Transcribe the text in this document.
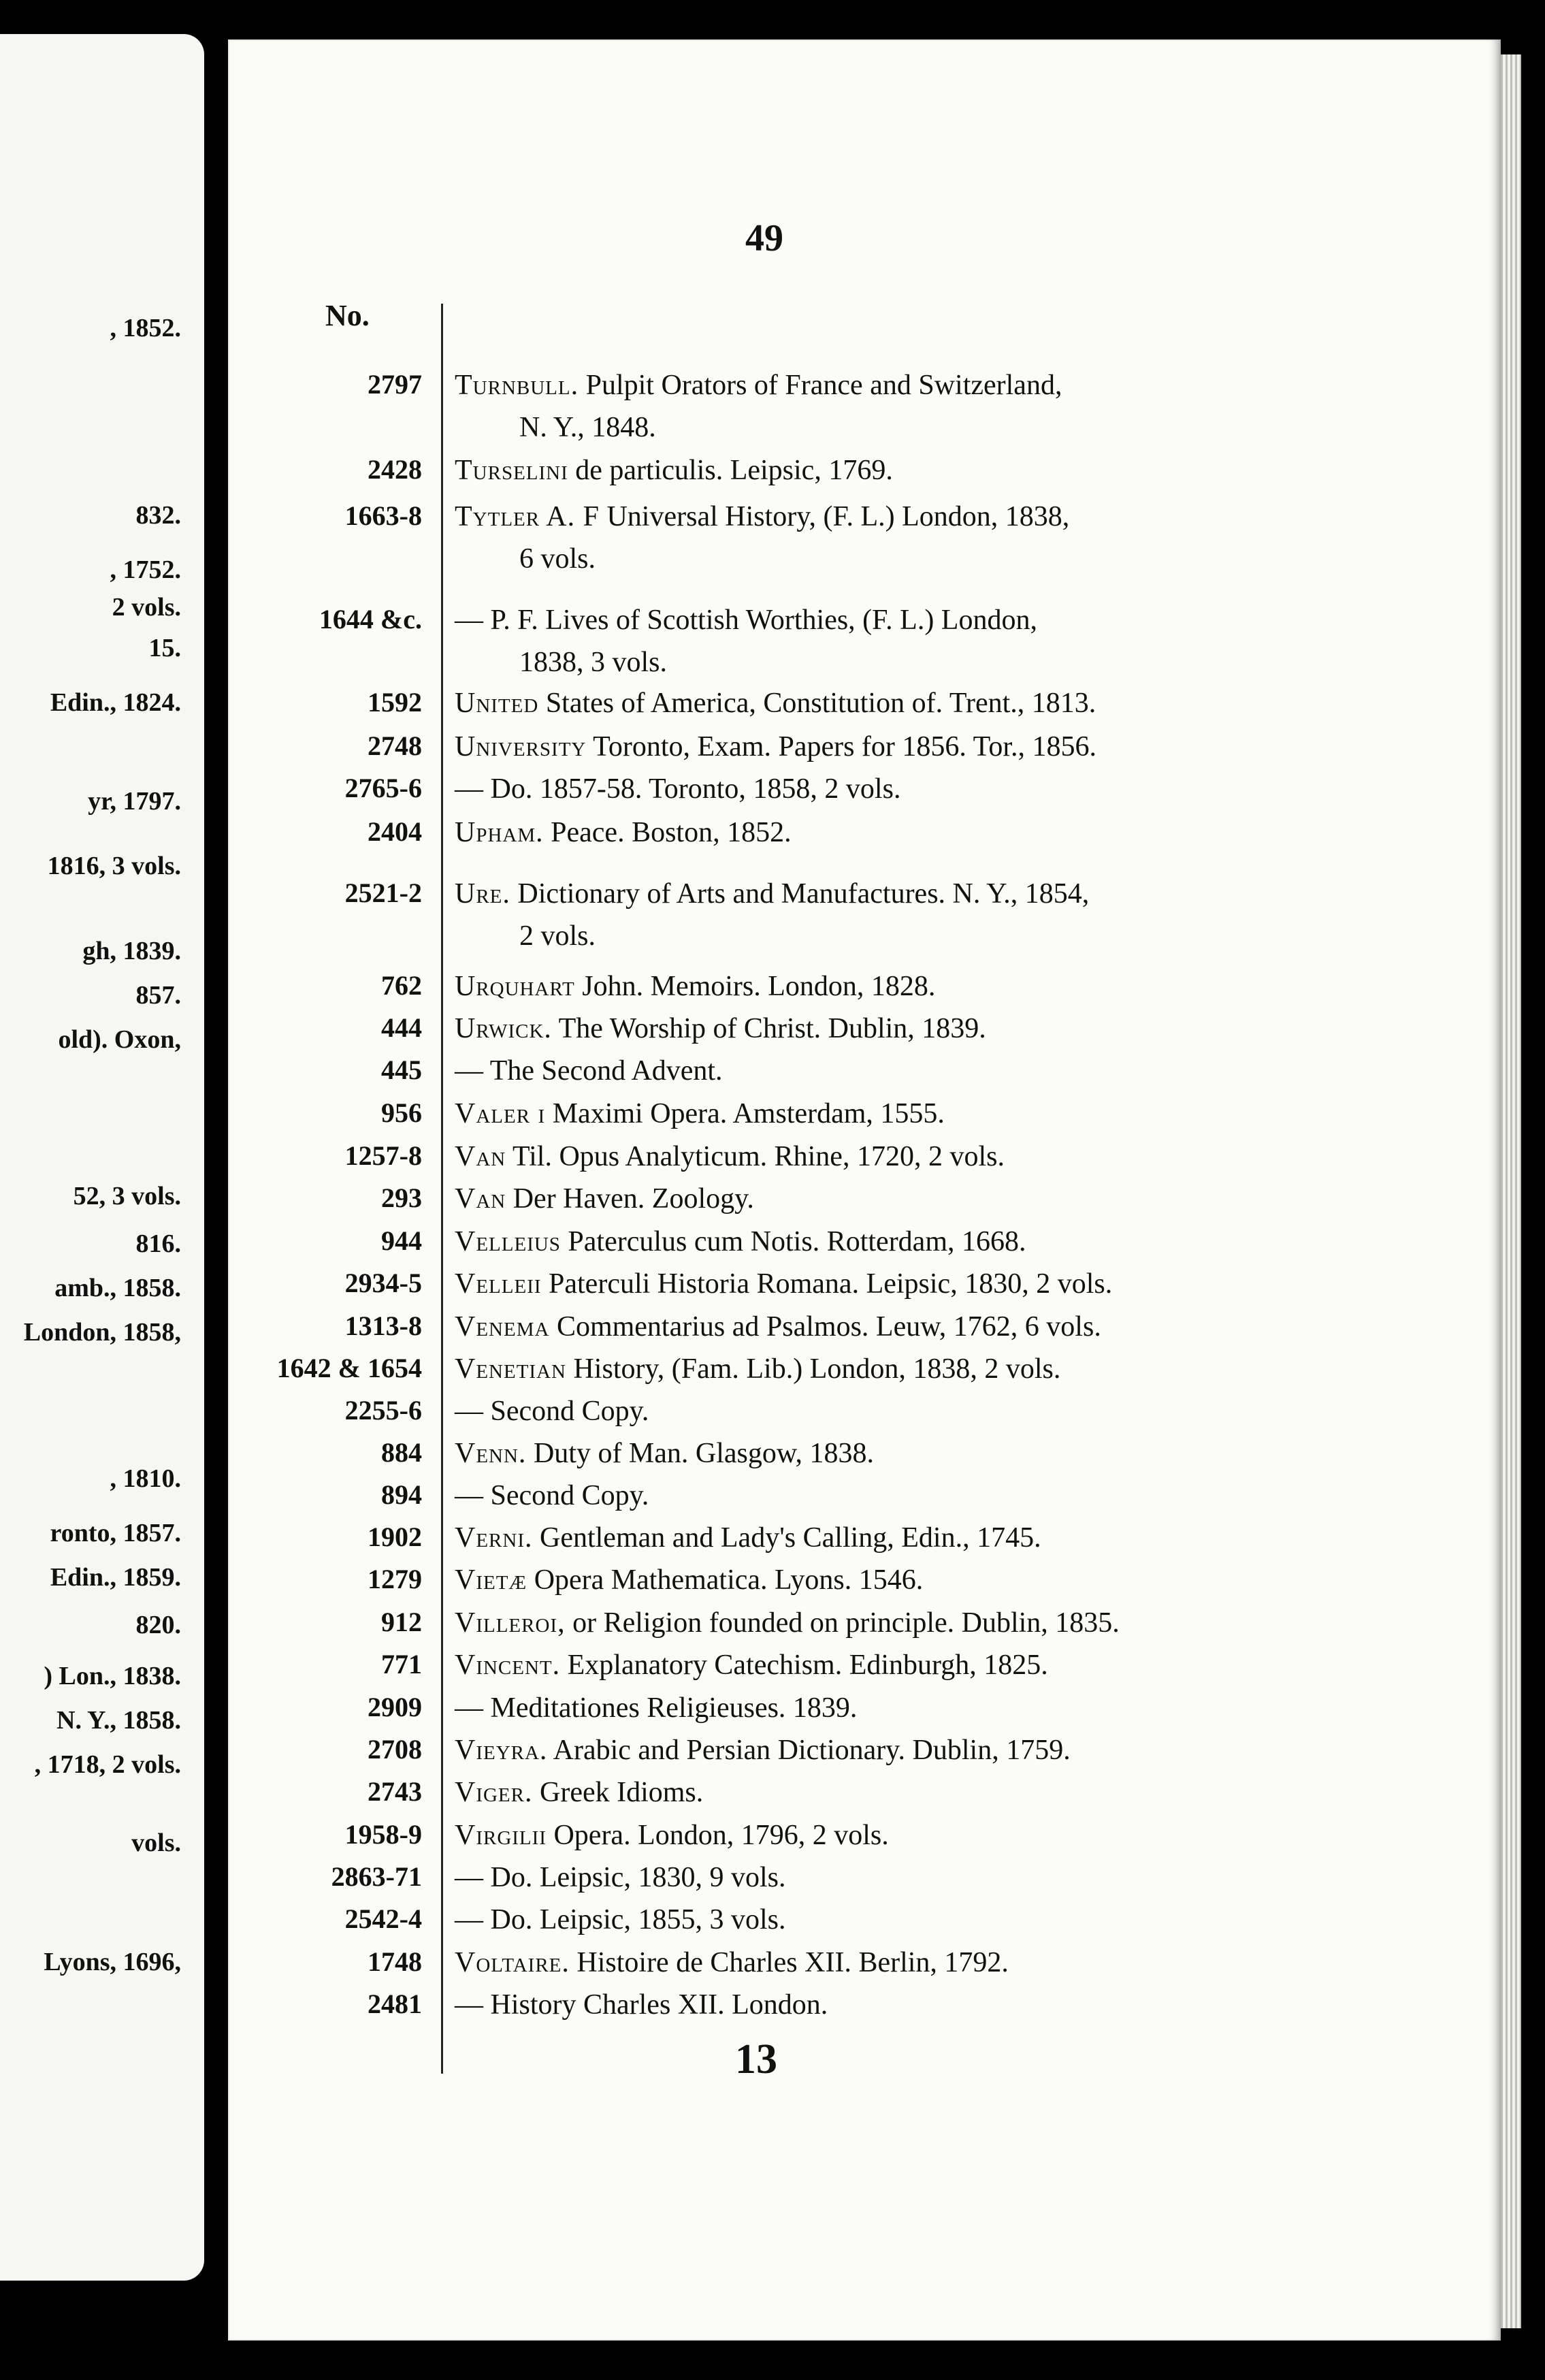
, 1852.
832.
, 1752.
2 vols.
15.
Edin., 1824.
yr, 1797.
1816, 3 vols.
gh, 1839.
857.
old). Oxon,
52, 3 vols.
816.
amb., 1858.
London, 1858,
, 1810.
ronto, 1857.
Edin., 1859.
820.
) Lon., 1838.
N. Y., 1858.
, 1718, 2 vols.
vols.
Lyons, 1696,
49
No.
2797 Turnbull. Pulpit Orators of France and Switzerland,
N. Y., 1848.
2428 Turselini de particulis. Leipsic, 1769.
1663-8 Tytler A. F Universal History, (F. L.) London, 1838,
6 vols.
1644 &c. — P. F. Lives of Scottish Worthies, (F. L.) London,
1838, 3 vols.
1592 United States of America, Constitution of. Trent., 1813.
2748 University Toronto, Exam. Papers for 1856. Tor., 1856.
2765-6 — Do. 1857-58. Toronto, 1858, 2 vols.
2404 Upham. Peace. Boston, 1852.
2521-2 Ure. Dictionary of Arts and Manufactures. N. Y., 1854,
2 vols.
762 Urquhart John. Memoirs. London, 1828.
444 Urwick. The Worship of Christ. Dublin, 1839.
445 — The Second Advent.
956 Valer i Maximi Opera. Amsterdam, 1555.
1257-8 Van Til. Opus Analyticum. Rhine, 1720, 2 vols.
293 Van Der Haven. Zoology.
944 Velleius Paterculus cum Notis. Rotterdam, 1668.
2934-5 Velleii Paterculi Historia Romana. Leipsic, 1830, 2 vols.
1313-8 Venema Commentarius ad Psalmos. Leuw, 1762, 6 vols.
1642 & 1654 Venetian History, (Fam. Lib.) London, 1838, 2 vols.
2255-6 — Second Copy.
884 Venn. Duty of Man. Glasgow, 1838.
894 — Second Copy.
1902 Verni. Gentleman and Lady's Calling, Edin., 1745.
1279 Vietæ Opera Mathematica. Lyons. 1546.
912 Villeroi, or Religion founded on principle. Dublin, 1835.
771 Vincent. Explanatory Catechism. Edinburgh, 1825.
2909 — Meditationes Religieuses. 1839.
2708 Vieyra. Arabic and Persian Dictionary. Dublin, 1759.
2743 Viger. Greek Idioms.
1958-9 Virgilii Opera. London, 1796, 2 vols.
2863-71 — Do. Leipsic, 1830, 9 vols.
2542-4 — Do. Leipsic, 1855, 3 vols.
1748 Voltaire. Histoire de Charles XII. Berlin, 1792.
2481 — History Charles XII. London.
13
